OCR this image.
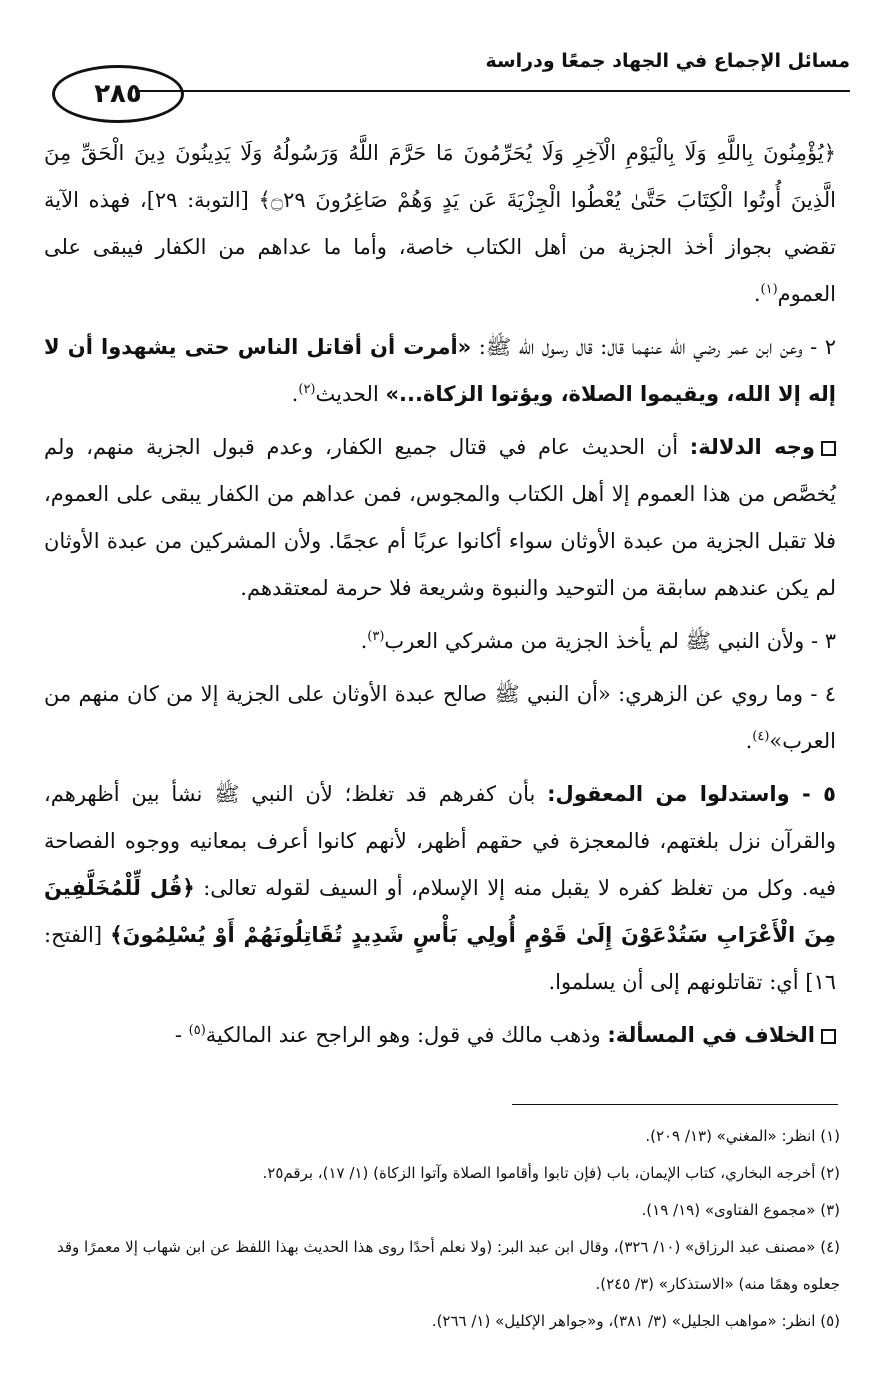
مسائل الإجماع في الجهاد جمعًا ودراسة
٢٨٥

﴿يُؤْمِنُونَ بِاللَّهِ وَلَا بِالْيَوْمِ الْآخِرِ وَلَا يُحَرِّمُونَ مَا حَرَّمَ اللَّهُ وَرَسُولُهُ وَلَا يَدِينُونَ دِينَ الْحَقِّ مِنَ الَّذِينَ أُوتُوا الْكِتَابَ حَتَّىٰ يُعْطُوا الْجِزْيَةَ عَن يَدٍ وَهُمْ صَاغِرُونَ ۝٢٩﴾ [التوبة: ٢٩]، فهذه الآية تقضي بجواز أخذ الجزية من أهل الكتاب خاصة، وأما ما عداهم من الكفار فيبقى على العموم$^{(١)}$.

٢ - وعن ابن عمر رضي الله عنهما قال: قال رسول الله ﷺ: «أمرت أن أقاتل الناس حتى يشهدوا أن لا إله إلا الله، ويقيموا الصلاة، ويؤتوا الزكاة...» الحديث$^{(٢)}$.

وجه الدلالة: أن الحديث عام في قتال جميع الكفار، وعدم قبول الجزية منهم، ولم يُخصَّص من هذا العموم إلا أهل الكتاب والمجوس، فمن عداهم من الكفار يبقى على العموم، فلا تقبل الجزية من عبدة الأوثان سواء أكانوا عربًا أم عجمًا. ولأن المشركين من عبدة الأوثان لم يكن عندهم سابقة من التوحيد والنبوة وشريعة فلا حرمة لمعتقدهم.

٣ - ولأن النبي ﷺ لم يأخذ الجزية من مشركي العرب$^{(٣)}$.

٤ - وما روي عن الزهري: «أن النبي ﷺ صالح عبدة الأوثان على الجزية إلا من كان منهم من العرب»$^{(٤)}$.

٥ - واستدلوا من المعقول: بأن كفرهم قد تغلظ؛ لأن النبي ﷺ نشأ بين أظهرهم، والقرآن نزل بلغتهم، فالمعجزة في حقهم أظهر، لأنهم كانوا أعرف بمعانيه ووجوه الفصاحة فيه. وكل من تغلظ كفره لا يقبل منه إلا الإسلام، أو السيف لقوله تعالى: ﴿قُل لِّلْمُخَلَّفِينَ مِنَ الْأَعْرَابِ سَتُدْعَوْنَ إِلَىٰ قَوْمٍ أُولِي بَأْسٍ شَدِيدٍ تُقَاتِلُونَهُمْ أَوْ يُسْلِمُونَ﴾ [الفتح: ١٦] أي: تقاتلونهم إلى أن يسلموا.

الخلاف في المسألة: وذهب مالك في قول: وهو الراجح عند المالكية$^{(٥)}$ -

(١) انظر: «المغني» (١٣/ ٢٠٩).

(٢) أخرجه البخاري، كتاب الإيمان، باب (فإن تابوا وأقاموا الصلاة وآتوا الزكاة) (١/ ١٧)، برقم٢٥.

(٣) «مجموع الفتاوى» (١٩/ ١٩).

(٤) «مصنف عبد الرزاق» (١٠/ ٣٢٦)، وقال ابن عبد البر: (ولا نعلم أحدًا روى هذا الحديث بهذا اللفظ عن ابن شهاب إلا معمرًا وقد جعلوه وهمًا منه) «الاستذكار» (٣/ ٢٤٥).

(٥) انظر: «مواهب الجليل» (٣/ ٣٨١)، و«جواهر الإكليل» (١/ ٢٦٦).
